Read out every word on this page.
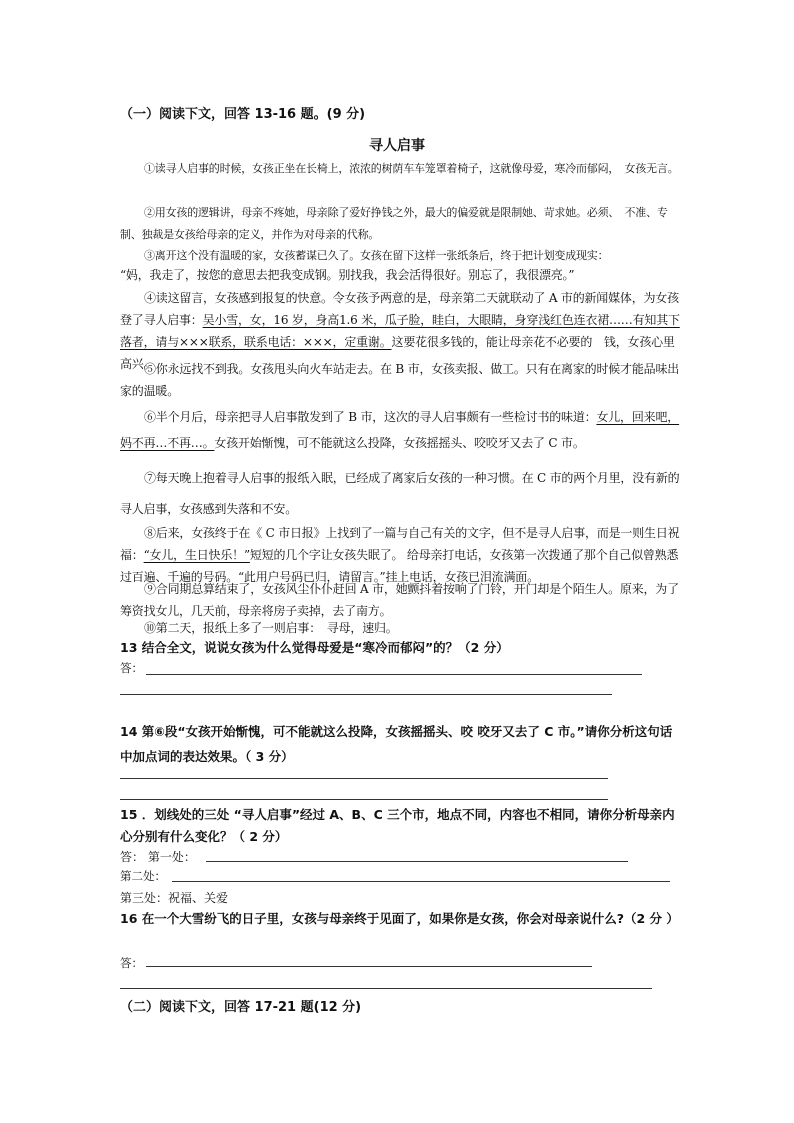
（一）阅读下文，回答 13-16 题。(9 分)
寻人启事
①读寻人启事的时候，女孩正坐在长椅上，浓浓的树荫车车笼罩着椅子，这就像母爱，寒冷而郁闷，　女孩无言。
②用女孩的逻辑讲，母亲不疼她，母亲除了爱好挣钱之外，最大的偏爱就是限制她、苛求她。必须、　不准、专制、独裁是女孩给母亲的定义，并作为对母亲的代称。
③离开这个没有温暖的家，女孩蓄谋已久了。女孩在留下这样一张纸条后，终于把计划变成现实：
“妈，我走了，按您的意思去把我变成钢。别找我，我会活得很好。别忘了，我很漂亮。”
④读这留言，女孩感到报复的快意。令女孩予两意的是，母亲第二天就联动了 A 市的新闻媒体，为女孩登了寻人启事：吴小雪，女，16 岁，身高1.6 米，瓜子脸，眭白，大眼睛，身穿浅红色连衣裙……有知其下落者，请与×××联系，联系电话：×××，定重谢。这要花很多钱的，能让母亲花不必要的　钱，女孩心里高兴。
⑤你永远找不到我。女孩甩头向火车站走去。在 B 市，女孩卖报、做工。只有在离家的时候才能品味出家的温暖。
⑥半个月后，母亲把寻人启事散发到了 B 市，这次的寻人启事颇有一些检讨书的味道：女儿，回来吧，妈不再…不再…。女孩开始惭愧，可不能就这么投降，女孩摇摇头、咬咬牙又去了 C 市。
⑦每天晚上抱着寻人启事的报纸入眠，已经成了离家后女孩的一种习惯。在 C 市的两个月里，没有新的寻人启事，女孩感到失落和不安。
⑧后来，女孩终于在《 C 市日报》上找到了一篇与自己有关的文字，但不是寻人启事，而是一则生日祝福：“女儿，生日快乐！”短短的几个字让女孩失眠了。 给母亲打电话，女孩第一次拨通了那个自己似曾熟悉过百遍、千遍的号码。“此用户号码已归，请留言。”挂上电话，女孩已泪流满面。
⑨合同期总算结束了，女孩风尘仆仆赶回 A 市，她颤抖着按响了门铃，开门却是个陌生人。原来，为了筹资找女儿，几天前，母亲将房子卖掉，去了南方。
⑩第二天，报纸上多了一则启事：　寻母，速归。
13 结合全文，说说女孩为什么觉得母爱是“寒冷而郁闷”的？（2 分）
答：
14 第⑥段“女孩开始惭愧，可不能就这么投降，女孩摇摇头、咬 咬牙又去了 C 市。”请你分析这句话中加点词的表达效果。（ 3 分）
15 ．划线处的三处 “寻人启事”经过 A、B、C 三个市，地点不同，内容也不相同，请你分析母亲内心分别有什么变化？（ 2 分）
答： 第一处：
第二处：
第三处：祝福、关爱
16 在一个大雪纷飞的日子里，女孩与母亲终于见面了，如果你是女孩，你会对母亲说什么?（2 分 ）
答：
（二）阅读下文，回答 17-21 题(12 分)
